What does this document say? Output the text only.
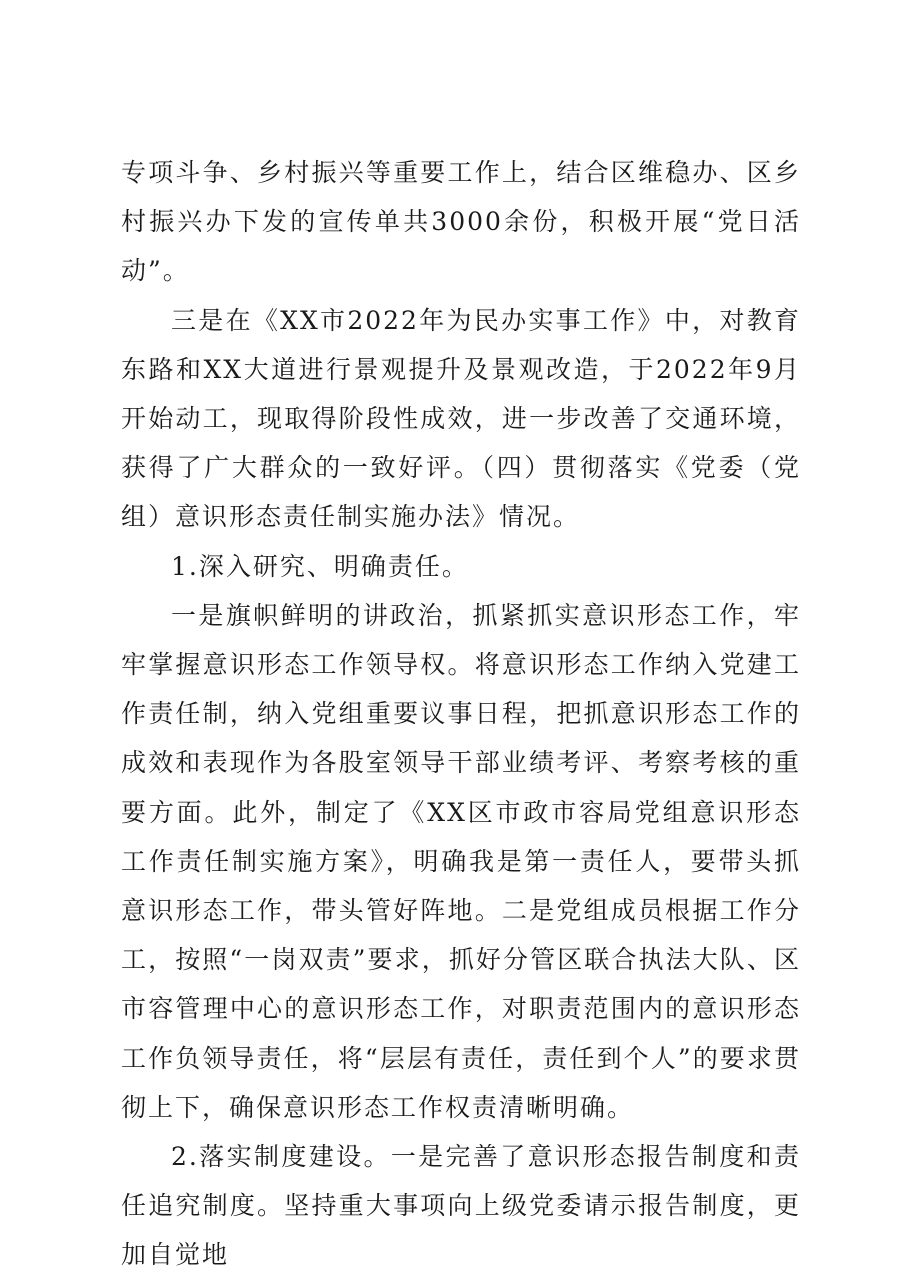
专项斗争、乡村振兴等重要工作上，结合区维稳办、区乡村振兴办下发的宣传单共3000余份，积极开展“党日活动”。

三是在《XX市2022年为民办实事工作》中，对教育东路和XX大道进行景观提升及景观改造，于2022年9月开始动工，现取得阶段性成效，进一步改善了交通环境，获得了广大群众的一致好评。（四）贯彻落实《党委（党组）意识形态责任制实施办法》情况。

1.深入研究、明确责任。

一是旗帜鲜明的讲政治，抓紧抓实意识形态工作，牢牢掌握意识形态工作领导权。将意识形态工作纳入党建工作责任制，纳入党组重要议事日程，把抓意识形态工作的成效和表现作为各股室领导干部业绩考评、考察考核的重要方面。此外，制定了《XX区市政市容局党组意识形态工作责任制实施方案》，明确我是第一责任人，要带头抓意识形态工作，带头管好阵地。二是党组成员根据工作分工，按照“一岗双责”要求，抓好分管区联合执法大队、区市容管理中心的意识形态工作，对职责范围内的意识形态工作负领导责任，将“层层有责任，责任到个人”的要求贯彻上下，确保意识形态工作权责清晰明确。

2.落实制度建设。一是完善了意识形态报告制度和责任追究制度。坚持重大事项向上级党委请示报告制度，更加自觉地
